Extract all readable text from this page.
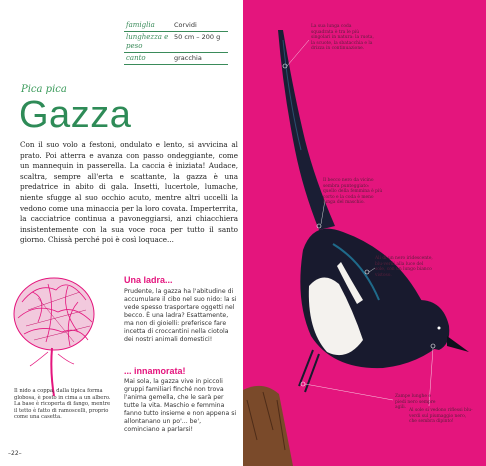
famiglia	Corvidi
lunghezza e peso	50 cm – 200 g
canto	gracchia
Pica pica
Gazza

Con il suo volo a festoni, ondulato e lento, si avvicina al prato. Poi atterra e avanza con passo ondeggiante, come un mannequin in passerella. La caccia è iniziata! Audace, scaltra, sempre all'erta e scattante, la gazza è una predatrice in abito di gala. Insetti, lucertole, lumache, niente sfugge al suo occhio acuto, mentre altri uccelli la vedono come una minaccia per la loro covata. Imperterrita, la cacciatrice continua a pavoneggiarsi, anzi chiacchiera insistentemente con la sua voce roca per tutto il santo giorno. Chissà perché poi è così loquace...

Il nido a coppa, dalla tipica forma globosa, è posto in cima a un albero. La base è ricoperta di fango, mentre il tetto è fatto di ramoscelli, proprio come una casetta.

Una ladra...

Prudente, la gazza ha l'abitudine di accumulare il cibo nel suo nido: la si vede spesso trasportare oggetti nel becco. È una ladra? Esattamente, ma non di gioielli: preferisce fare incetta di croccantini nella ciotola dei nostri animali domestici!

... innamorata!

Mai sola, la gazza vive in piccoli gruppi familiari finché non trova l'anima gemella, che le sarà per tutte la vita. Maschio e femmina fanno tutto insieme e non appena si allontanano un po'... be', cominciano a parlarsi!

–22–

La sua lunga coda squadrata è tra le più singolari in natura: la ruota, la scuote, la sbatacchia e la drizza in continuazione.

Il becco nero da vicino sembra punteggiato: quello della femmina è più corto e la coda è meno lunga del maschio.

Ali di un nero iridescente, blu-verdi alla luce del sole, con un lungo bianco vistoso.

Zampe lunghe e piedi nero sempre agili.

Al sole si vedono riflessi blu-verdi sul piumaggio nero, che sembra dipinto!
